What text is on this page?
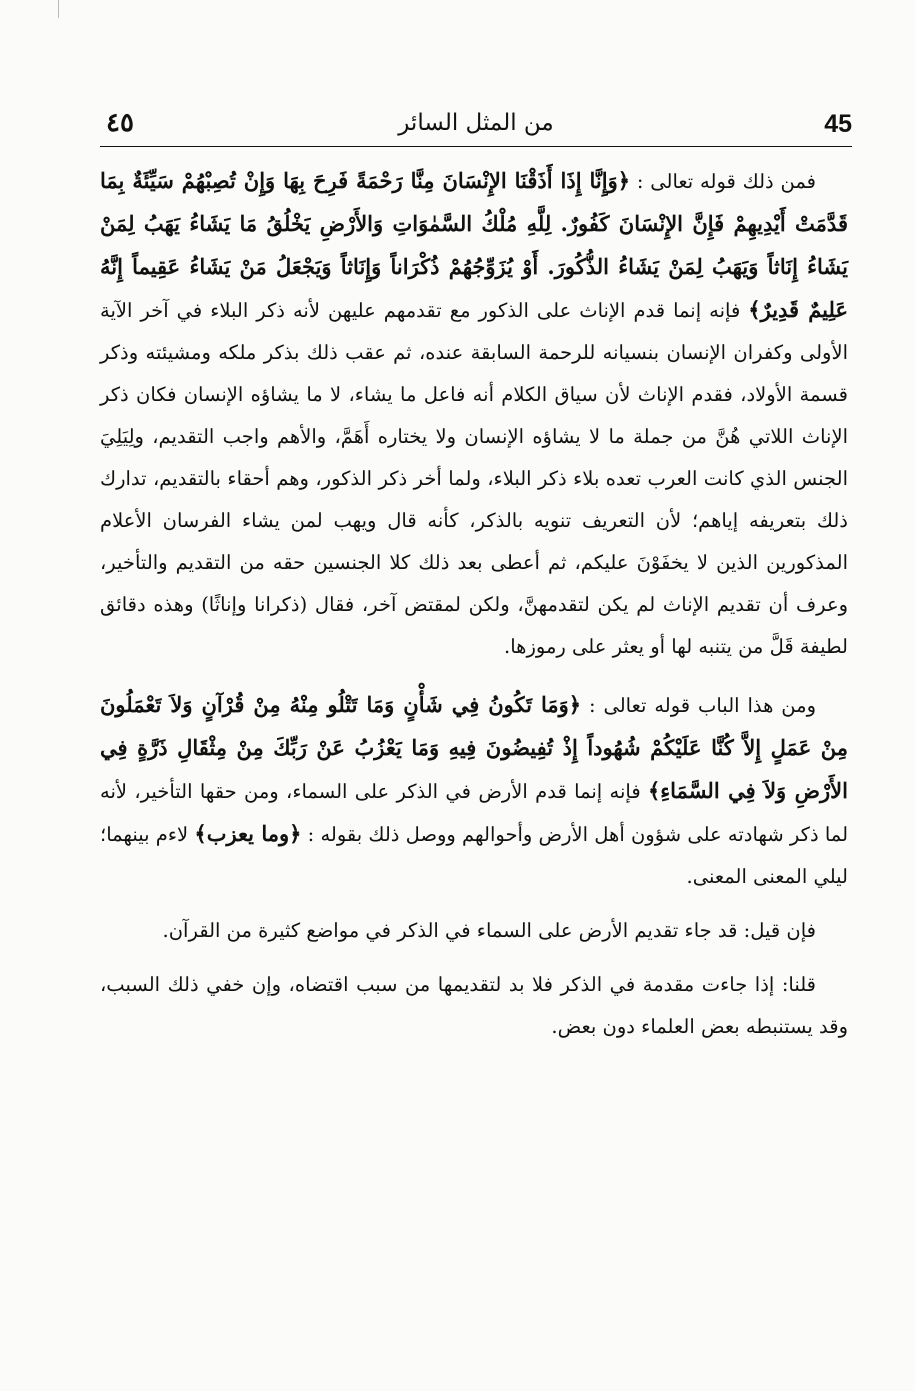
45
من المثل السائر
٤٥

فمن ذلك قوله تعالى : ﴿وَإِنَّا إِذَا أَذَقْنَا الإِنْسَانَ مِنَّا رَحْمَةً فَرِحَ بِهَا وَإِنْ تُصِبْهُمْ سَيِّئَةٌ بِمَا قَدَّمَتْ أَيْدِيهِمْ فَإِنَّ الإِنْسَانَ كَفُورٌ. لِلَّهِ مُلْكُ السَّمٰوَاتِ وَالأَرْضِ يَخْلُقُ مَا يَشَاءُ يَهَبُ لِمَنْ يَشَاءُ إِنَاثاً وَيَهَبُ لِمَنْ يَشَاءُ الذُّكُورَ. أَوْ يُزَوِّجُهُمْ ذُكْرَاناً وَإِنَاثاً وَيَجْعَلُ مَنْ يَشَاءُ عَقِيماً إِنَّهُ عَلِيمٌ قَدِيرٌ﴾ فإنه إنما قدم الإناث على الذكور مع تقدمهم عليهن لأنه ذكر البلاء في آخر الآية الأولى وكفران الإنسان بنسيانه للرحمة السابقة عنده، ثم عقب ذلك بذكر ملكه ومشيئته وذكر قسمة الأولاد، فقدم الإناث لأن سياق الكلام أنه فاعل ما يشاء، لا ما يشاؤه الإنسان فكان ذكر الإناث اللاتي هُنَّ من جملة ما لا يشاؤه الإنسان ولا يختاره أَهَمَّ، والأهم واجب التقديم، ولِيَلِيَ الجنس الذي كانت العرب تعده بلاء ذكر البلاء، ولما أخر ذكر الذكور، وهم أحقاء بالتقديم، تدارك ذلك بتعريفه إياهم؛ لأن التعريف تنويه بالذكر، كأنه قال ويهب لمن يشاء الفرسان الأعلام المذكورين الذين لا يخفَوْنَ عليكم، ثم أعطى بعد ذلك كلا الجنسين حقه من التقديم والتأخير، وعرف أن تقديم الإناث لم يكن لتقدمهنَّ، ولكن لمقتض آخر، فقال (ذكرانا وإناثًا) وهذه دقائق لطيفة قَلَّ من يتنبه لها أو يعثر على رموزها.

ومن هذا الباب قوله تعالى : ﴿وَمَا تَكُونُ فِي شَأْنٍ وَمَا تَتْلُو مِنْهُ مِنْ قُرْآنٍ وَلاَ تَعْمَلُونَ مِنْ عَمَلٍ إِلاَّ كُنَّا عَلَيْكُمْ شُهُوداً إِذْ تُفِيضُونَ فِيهِ وَمَا يَعْزُبُ عَنْ رَبِّكَ مِنْ مِثْقَالِ ذَرَّةٍ فِي الأَرْضِ وَلاَ فِي السَّمَاءِ﴾ فإنه إنما قدم الأرض في الذكر على السماء، ومن حقها التأخير، لأنه لما ذكر شهادته على شؤون أهل الأرض وأحوالهم ووصل ذلك بقوله : ﴿وما يعزب﴾ لاءم بينهما؛ ليلي المعنى المعنى.

فإن قيل: قد جاء تقديم الأرض على السماء في الذكر في مواضع كثيرة من القرآن.

قلنا: إذا جاءت مقدمة في الذكر فلا بد لتقديمها من سبب اقتضاه، وإن خفي ذلك السبب، وقد يستنبطه بعض العلماء دون بعض.
